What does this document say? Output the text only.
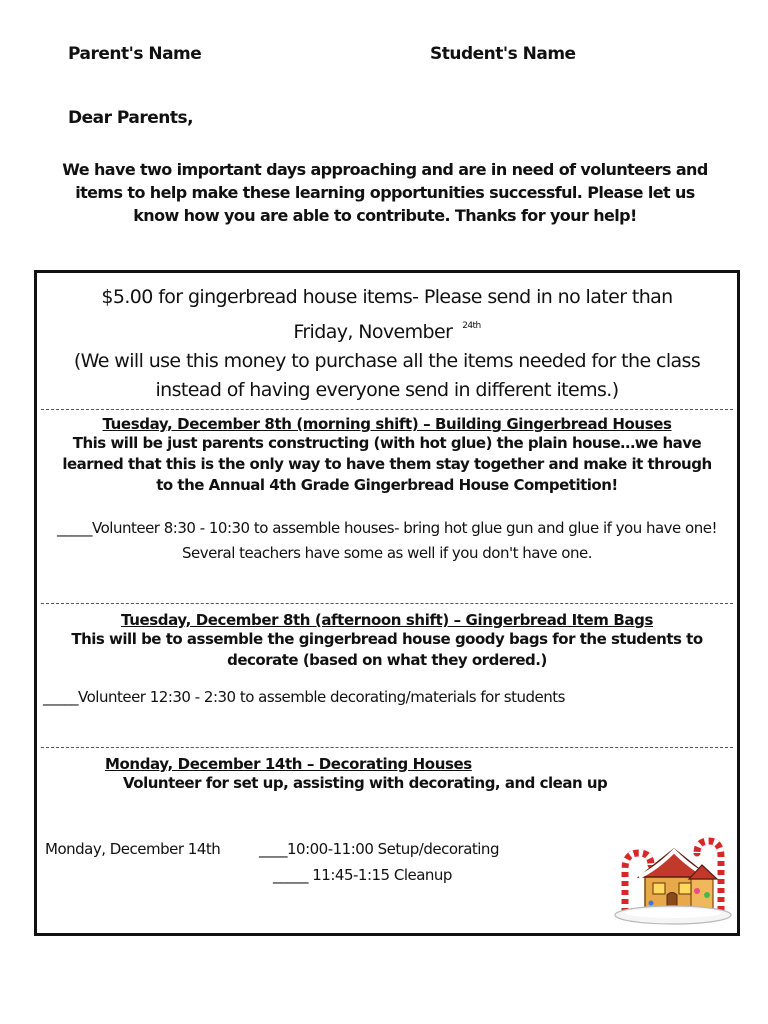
Parent's Name	Student's Name
Dear Parents,
We have two important days approaching and are in need of volunteers and items to help make these learning opportunities successful. Please let us know how you are able to contribute. Thanks for your help!
$5.00 for gingerbread house items- Please send in no later than
Friday, November $^{24th}$
(We will use this money to purchase all the items needed for the class instead of having everyone send in different items.)
Tuesday, December 8th (morning shift) – Building Gingerbread Houses
This will be just parents constructing (with hot glue) the plain house…we have learned that this is the only way to have them stay together and make it through to the Annual 4th Grade Gingerbread House Competition!
_____Volunteer 8:30 - 10:30 to assemble houses- bring hot glue gun and glue if you have one! Several teachers have some as well if you don't have one.
Tuesday, December 8th (afternoon shift) – Gingerbread Item Bags
This will be to assemble the gingerbread house goody bags for the students to decorate (based on what they ordered.)
_____Volunteer 12:30 - 2:30 to assemble decorating/materials for students
Monday, December 14th – Decorating Houses
Volunteer for set up, assisting with decorating, and clean up
Monday, December 14th	____10:00-11:00 Setup/decorating
_____ 11:45-1:15 Cleanup
